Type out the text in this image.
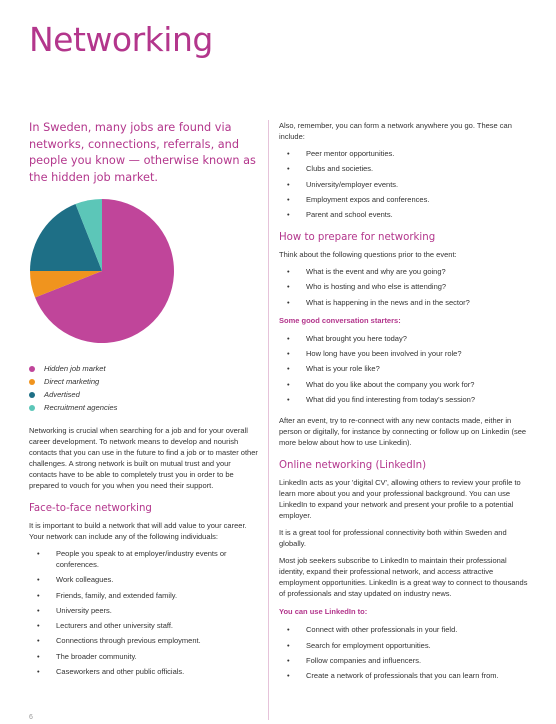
Networking

In Sweden, many jobs are found via networks, connections, referrals, and people you know — otherwise known as the hidden job market.

Hidden job market
Direct marketing
Advertised
Recruitment agencies

Networking is crucial when searching for a job and for your overall career development. To network means to develop and nourish contacts that you can use in the future to find a job or to master other challenges. A strong network is built on mutual trust and your contacts have to be able to completely trust you in order to be prepared to vouch for you when you need their support.

Face-to-face networking

It is important to build a network that will add value to your career. Your network can include any of the following individuals:

• People you speak to at employer/industry events or conferences.
• Work colleagues.
• Friends, family, and extended family.
• University peers.
• Lecturers and other university staff.
• Connections through previous employment.
• The broader community.
• Caseworkers and other public officials.

Also, remember, you can form a network anywhere you go. These can include:

• Peer mentor opportunities.
• Clubs and societies.
• University/employer events.
• Employment expos and conferences.
• Parent and school events.
How to prepare for networking

Think about the following questions prior to the event:

• What is the event and why are you going?
• Who is hosting and who else is attending?
• What is happening in the news and in the sector?
Some good conversation starters:
• What brought you here today?
• How long have you been involved in your role?
• What is your role like?
• What do you like about the company you work for?
• What did you find interesting from today's session?

After an event, try to re-connect with any new contacts made, either in person or digitally, for instance by connecting or follow up on Linkedin (see more below about how to use Linkedin).

Online networking (LinkedIn)

LinkedIn acts as your 'digital CV', allowing others to review your profile to learn more about you and your professional background. You can use LinkedIn to expand your network and present your profile to a potential employer.

It is a great tool for professional connectivity both within Sweden and globally.

Most job seekers subscribe to LinkedIn to maintain their professional identity, expand their professional network, and access attractive employment opportunities. LinkedIn is a great way to connect to thousands of professionals and stay updated on industry news.

You can use LinkedIn to:
• Connect with other professionals in your field.
• Search for employment opportunities.
• Follow companies and influencers.
• Create a network of professionals that you can learn from.
6
